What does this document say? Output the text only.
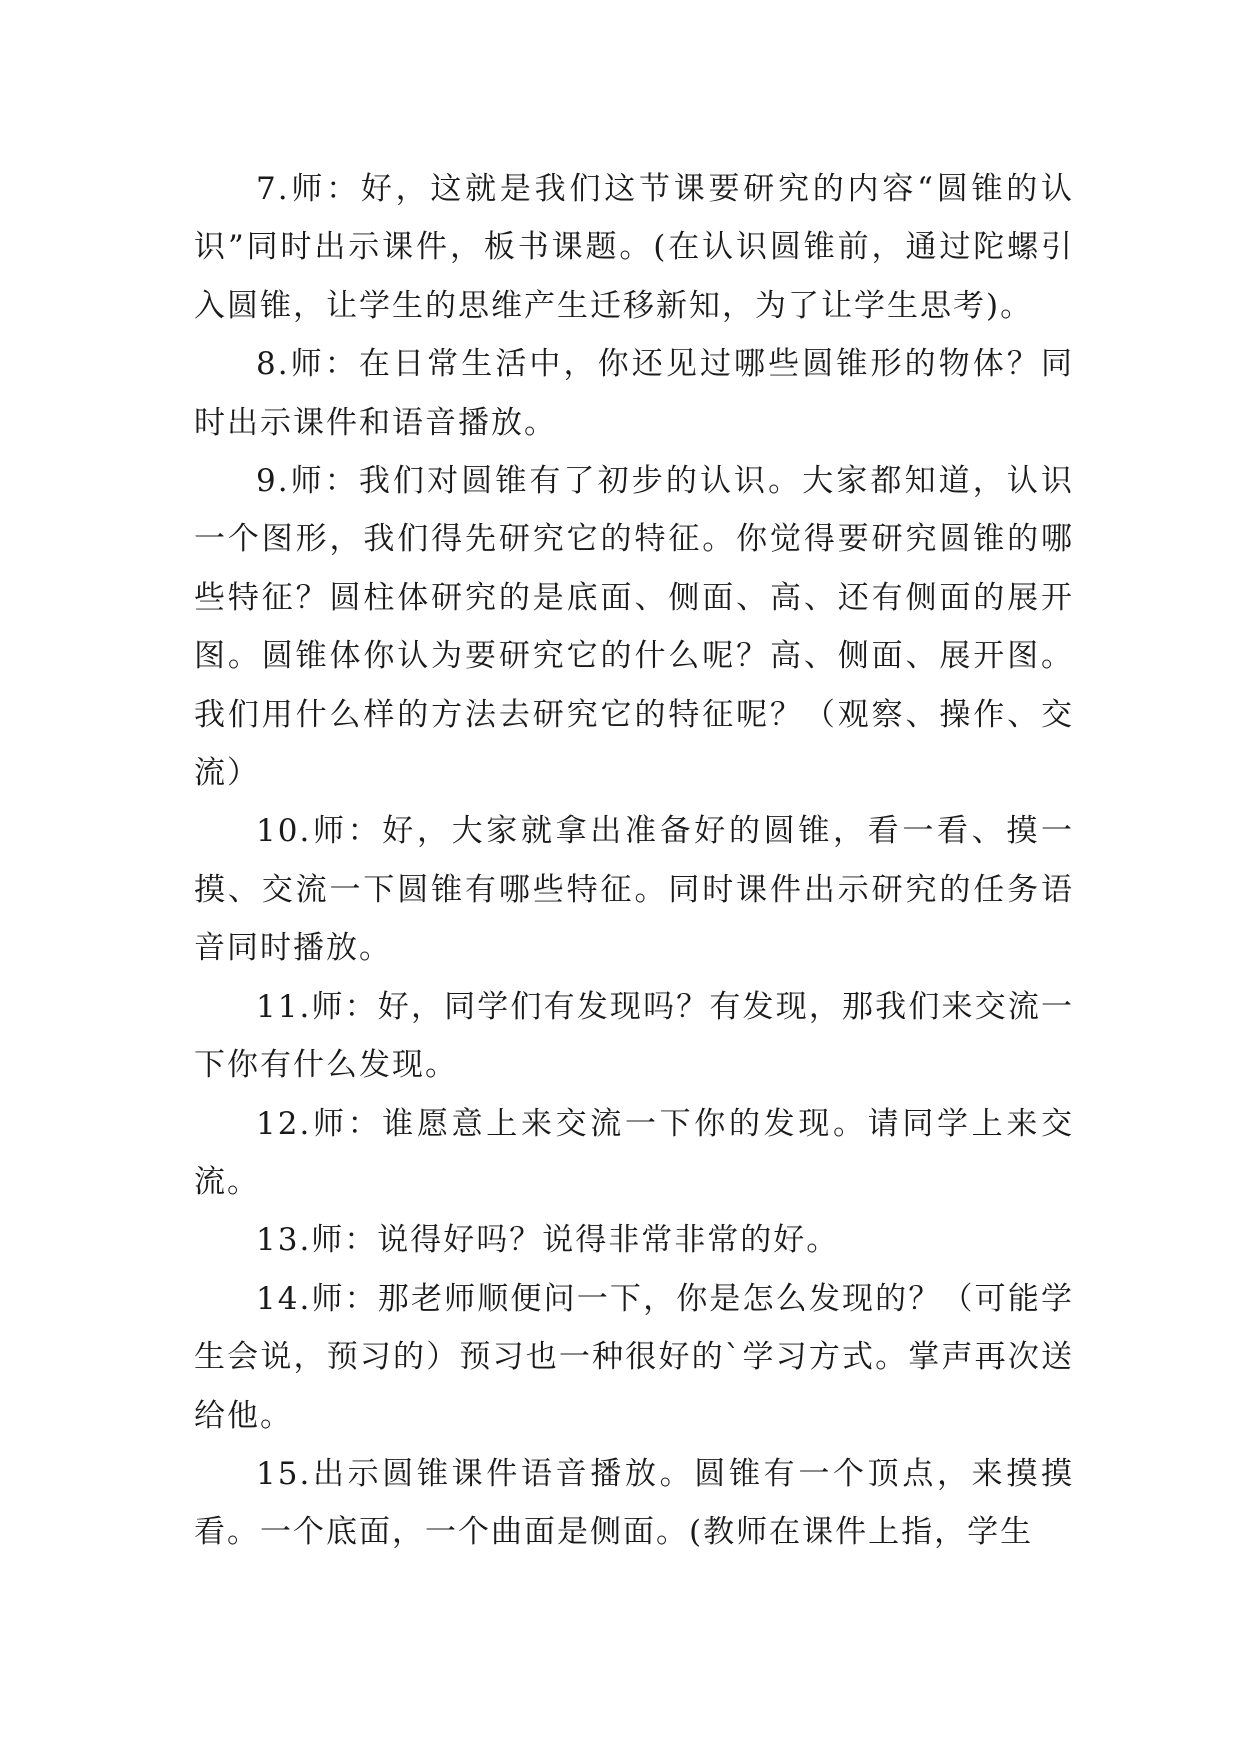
7.师：好，这就是我们这节课要研究的内容“圆锥的认识”同时出示课件，板书课题。(在认识圆锥前，通过陀螺引入圆锥，让学生的思维产生迁移新知，为了让学生思考)。

8.师：在日常生活中，你还见过哪些圆锥形的物体？同时出示课件和语音播放。

9.师：我们对圆锥有了初步的认识。大家都知道，认识一个图形，我们得先研究它的特征。你觉得要研究圆锥的哪些特征？圆柱体研究的是底面、侧面、高、还有侧面的展开图。圆锥体你认为要研究它的什么呢？高、侧面、展开图。我们用什么样的方法去研究它的特征呢？（观察、操作、交流）

10.师：好，大家就拿出准备好的圆锥，看一看、摸一摸、交流一下圆锥有哪些特征。同时课件出示研究的任务语音同时播放。

11.师：好，同学们有发现吗？有发现，那我们来交流一下你有什么发现。

12.师：谁愿意上来交流一下你的发现。请同学上来交流。

13.师：说得好吗？说得非常非常的好。

14.师：那老师顺便问一下，你是怎么发现的？（可能学生会说，预习的）预习也一种很好的`学习方式。掌声再次送给他。

15.出示圆锥课件语音播放。圆锥有一个顶点，来摸摸看。一个底面，一个曲面是侧面。(教师在课件上指，学生
